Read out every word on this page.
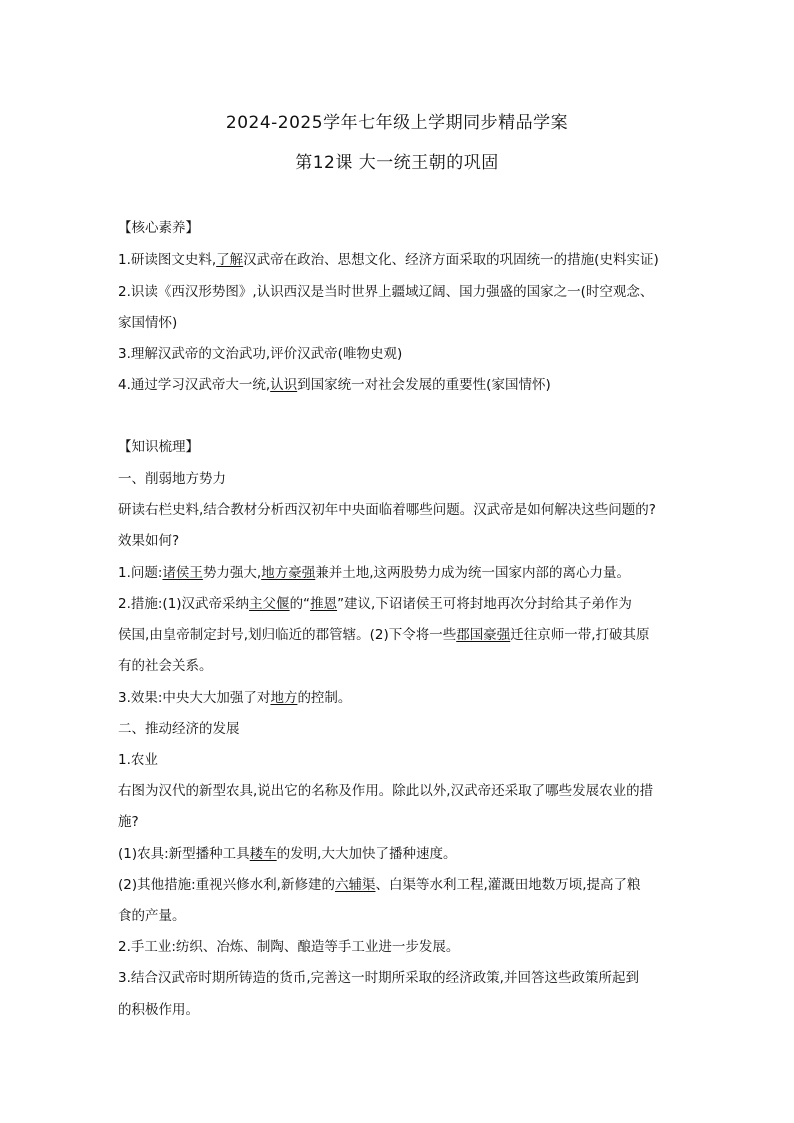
2024-2025学年七年级上学期同步精品学案
第12课 大一统王朝的巩固
【核心素养】
1.研读图文史料,了解汉武帝在政治、思想文化、经济方面采取的巩固统一的措施(史料实证)
2.识读《西汉形势图》,认识西汉是当时世界上疆域辽阔、国力强盛的国家之一(时空观念、
家国情怀)
3.理解汉武帝的文治武功,评价汉武帝(唯物史观)
4.通过学习汉武帝大一统,认识到国家统一对社会发展的重要性(家国情怀)
【知识梳理】
一、削弱地方势力
研读右栏史料,结合教材分析西汉初年中央面临着哪些问题。汉武帝是如何解决这些问题的?
效果如何?
1.问题:诸侯王势力强大,地方豪强兼并土地,这两股势力成为统一国家内部的离心力量。
2.措施:(1)汉武帝采纳主父偃的“推恩”建议,下诏诸侯王可将封地再次分封给其子弟作为
侯国,由皇帝制定封号,划归临近的郡管辖。(2)下令将一些郡国豪强迁往京师一带,打破其原
有的社会关系。
3.效果:中央大大加强了对地方的控制。
二、推动经济的发展
1.农业
右图为汉代的新型农具,说出它的名称及作用。除此以外,汉武帝还采取了哪些发展农业的措
施?
(1)农具:新型播种工具耧车的发明,大大加快了播种速度。
(2)其他措施:重视兴修水利,新修建的六辅渠、白渠等水利工程,灌溉田地数万顷,提高了粮
食的产量。
2.手工业:纺织、冶炼、制陶、酿造等手工业进一步发展。
3.结合汉武帝时期所铸造的货币,完善这一时期所采取的经济政策,并回答这些政策所起到
的积极作用。
